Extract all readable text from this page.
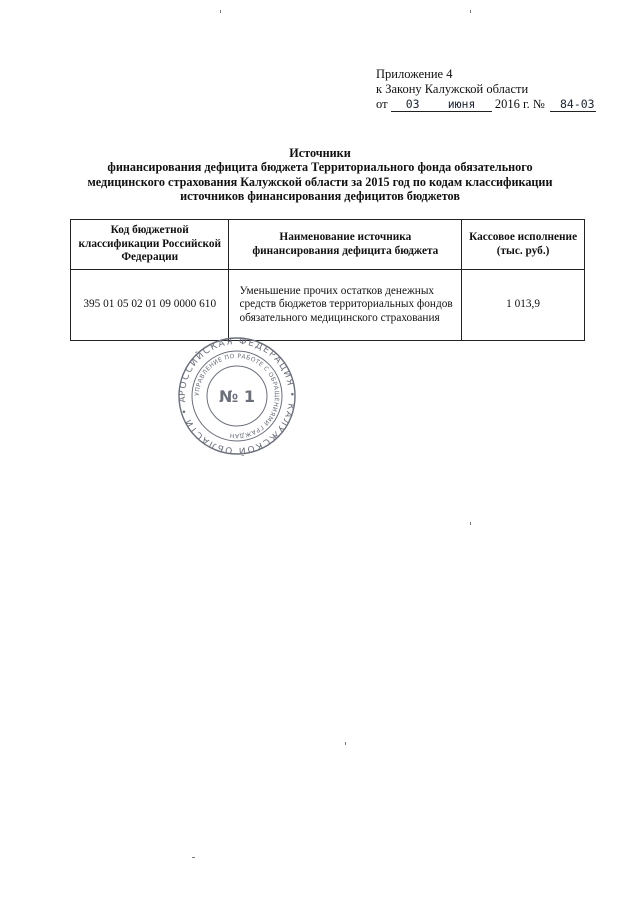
Приложение 4
к Закону Калужской области
от 03 июня 2016 г. № 84-03
Источники
финансирования дефицита бюджета Территориального фонда обязательного
медицинского страхования Калужской области за 2015 год по кодам классификации
источников финансирования дефицитов бюджетов
Код бюджетной классификации Российской Федерации	Наименование источника финансирования дефицита бюджета	Кассовое исполнение (тыс. руб.)
395 01 05 02 01 09 0000 610	Уменьшение прочих остатков денежных средств бюджетов территориальных фондов обязательного медицинского страхования	1 013,9
РОССИЙСКАЯ ФЕДЕРАЦИЯ • КАЛУЖСКОЙ ОБЛАСТИ • А
УПРАВЛЕНИЕ ПО РАБОТЕ С ОБРАЩЕНИЯМИ ГРАЖДАН
№ 1
